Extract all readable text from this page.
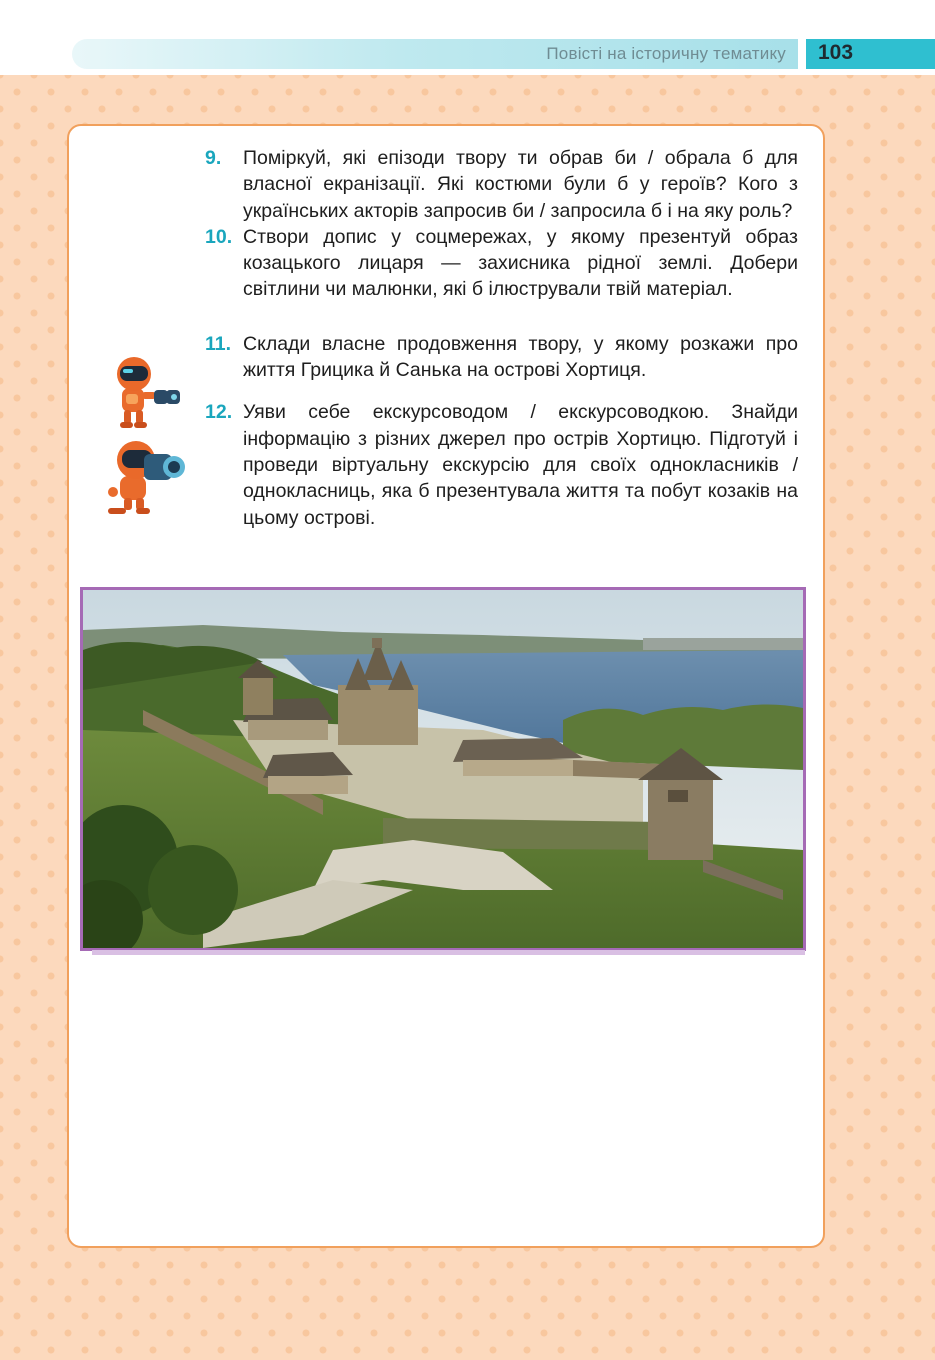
Повісті на історичну тематику 103
9. Поміркуй, які епізоди твору ти обрав би / обрала б для власної екранізації. Які костюми були б у героїв? Кого з українських акторів запросив би / запросила б і на яку роль?
10. Створи допис у соцмережах, у якому презентуй образ козацького лицаря — захисника рідної землі. Добери світлини чи малюнки, які б ілюстрували твій матеріал.
11. Склади власне продовження твору, у якому розкажи про життя Грицика й Санька на острові Хортиця.
12. Уяви себе екскурсоводом / екскурсоводкою. Знайди інформацію з різних джерел про острів Хортицю. Підготуй і проведи віртуальну екскурсію для своїх однокласників / однокласниць, яка б презентувала життя та побут козаків на цьому острові.
